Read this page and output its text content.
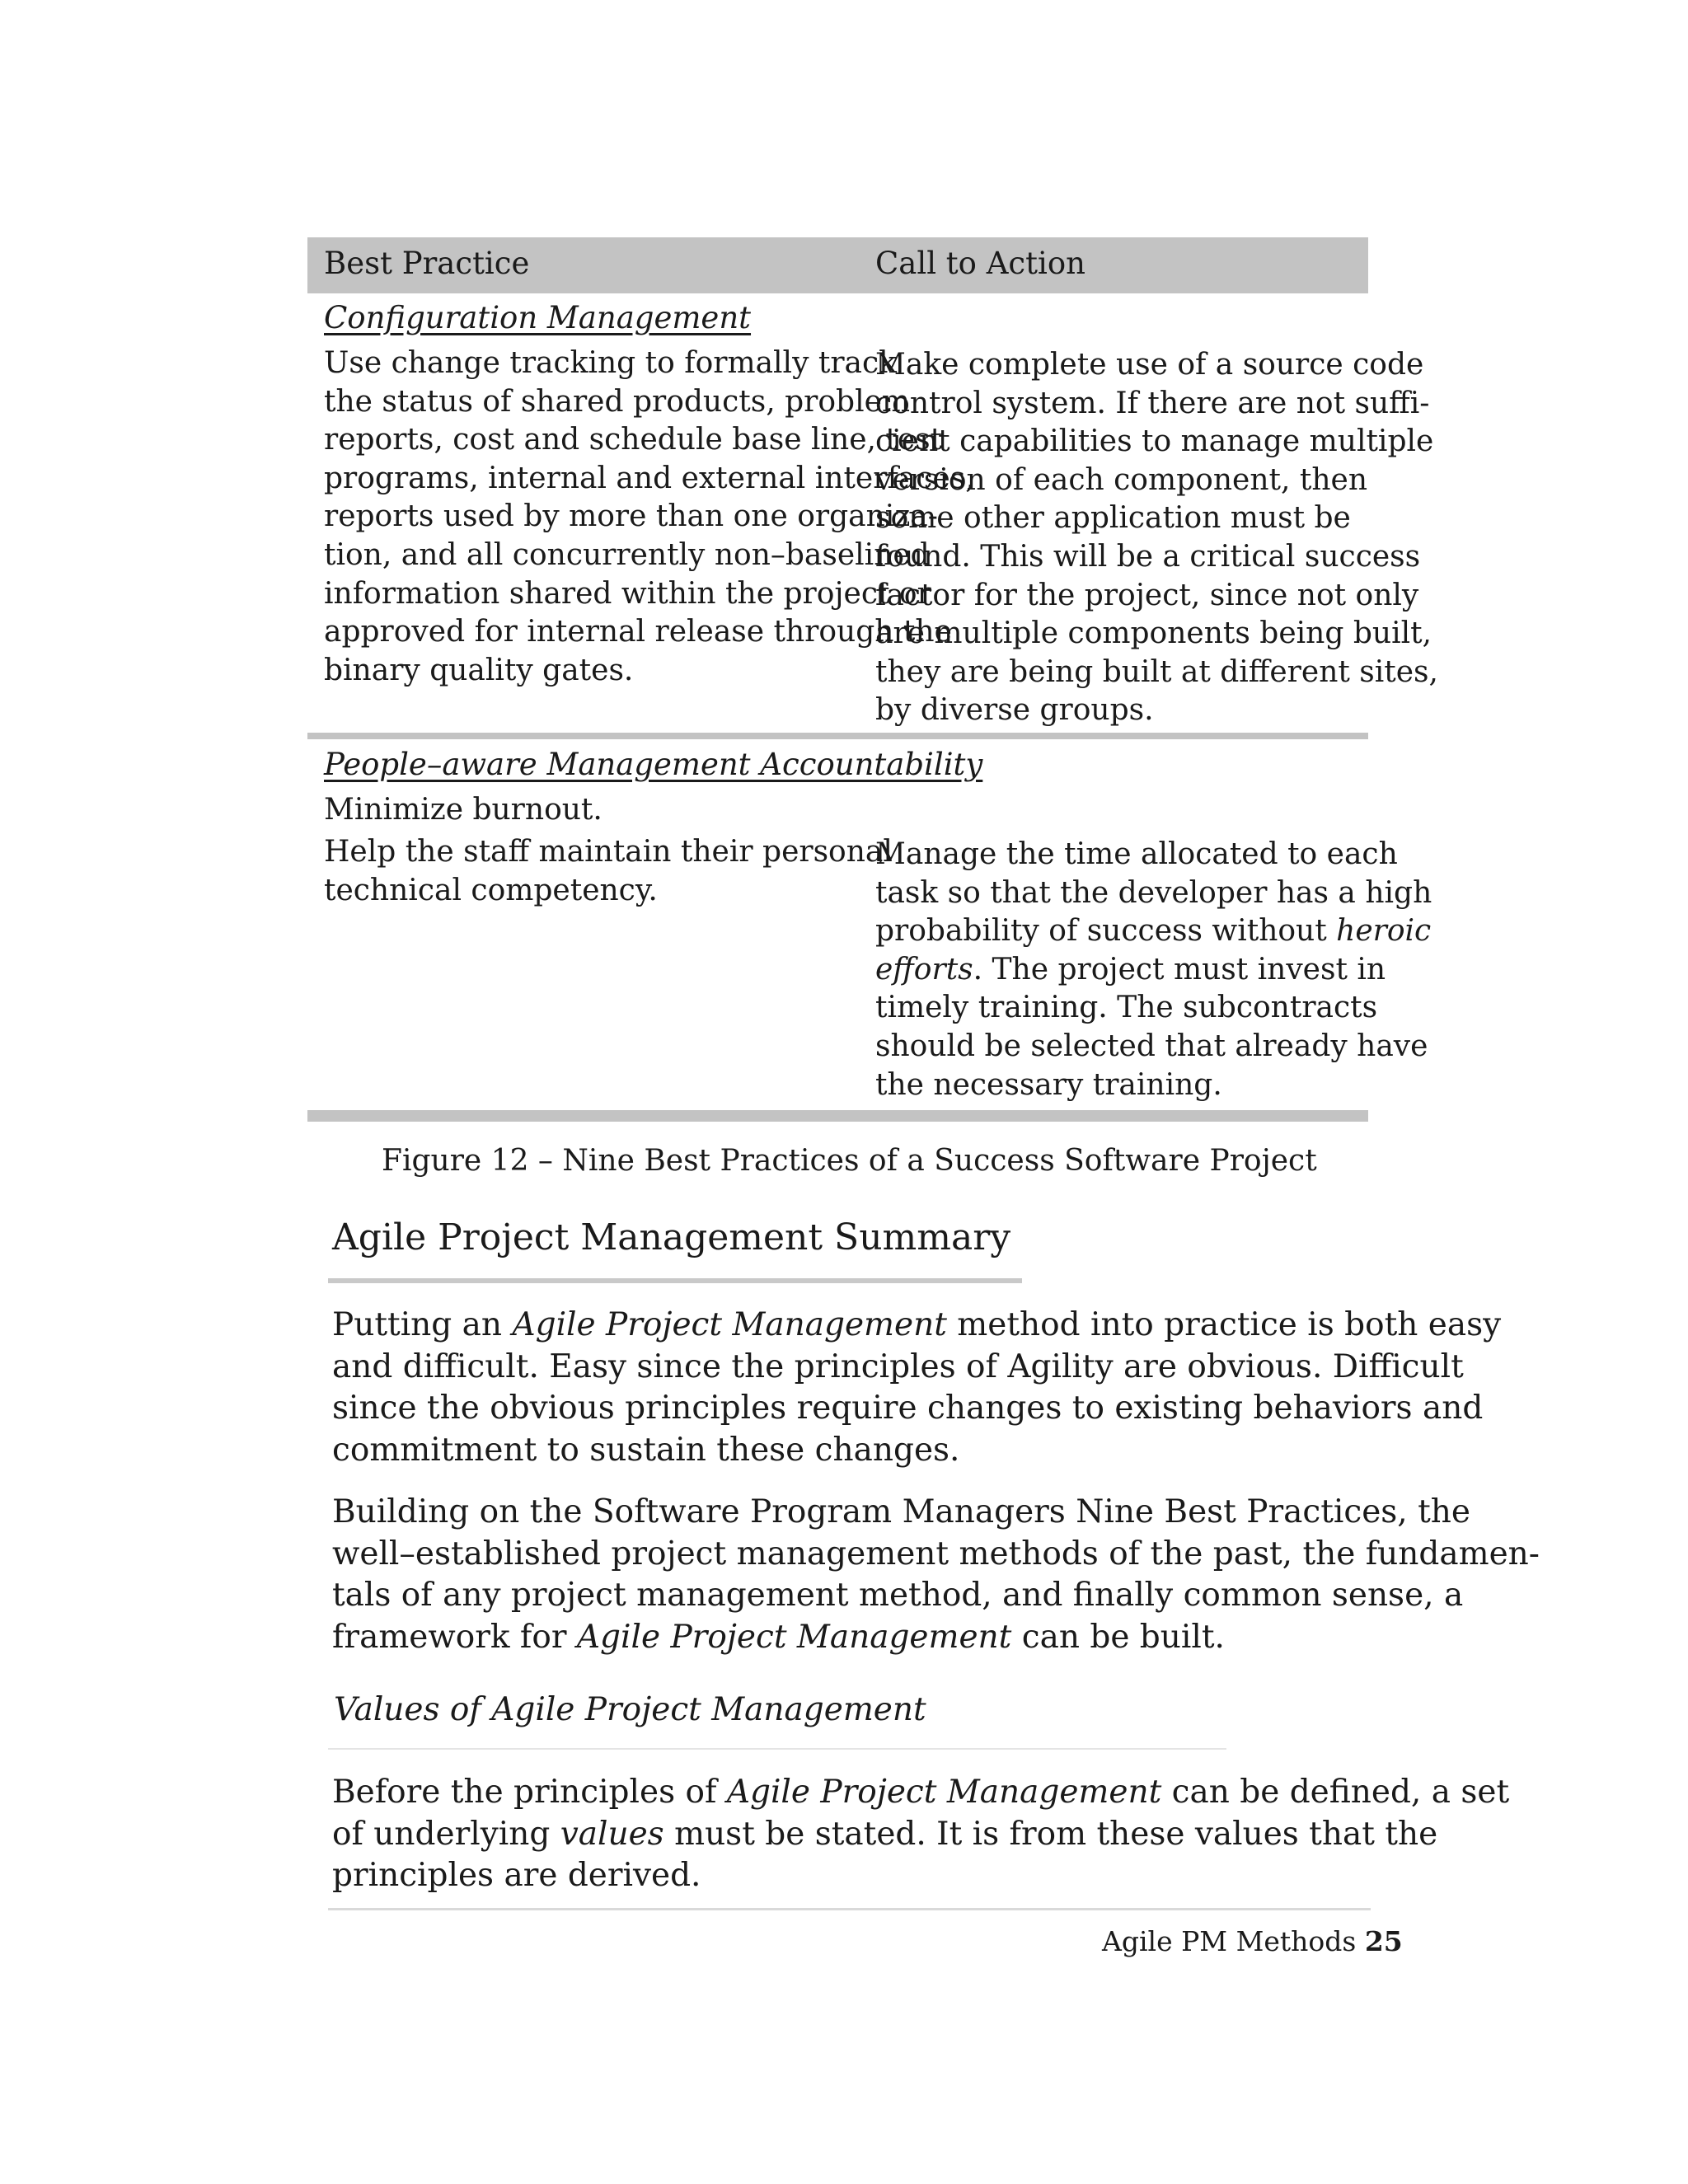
Best Practice	Call to Action
Configuration Management
Use change tracking to formally track
the status of shared products, problem
reports, cost and schedule base line, test
programs, internal and external interfaces,
reports used by more than one organiza-
tion, and all concurrently non–baselined
information shared within the project or
approved for internal release through the
binary quality gates.
Make complete use of a source code
control system. If there are not suffi-
cient capabilities to manage multiple
version of each component, then
some other application must be
found. This will be a critical success
factor for the project, since not only
are multiple components being built,
they are being built at different sites,
by diverse groups.
People–aware Management Accountability
Minimize burnout.
Help the staff maintain their personal
technical competency.
Manage the time allocated to each
task so that the developer has a high
probability of success without heroic
efforts. The project must invest in
timely training. The subcontracts
should be selected that already have
the necessary training.
Figure 12 – Nine Best Practices of a Success Software Project
Agile Project Management Summary
Putting an Agile Project Management method into practice is both easy
and difficult. Easy since the principles of Agility are obvious. Difficult
since the obvious principles require changes to existing behaviors and
commitment to sustain these changes.
Building on the Software Program Managers Nine Best Practices, the
well–established project management methods of the past, the fundamen-
tals of any project management method, and finally common sense, a
framework for Agile Project Management can be built.
Values of Agile Project Management
Before the principles of Agile Project Management can be defined, a set
of underlying values must be stated. It is from these values that the
principles are derived.
Agile PM Methods 25
